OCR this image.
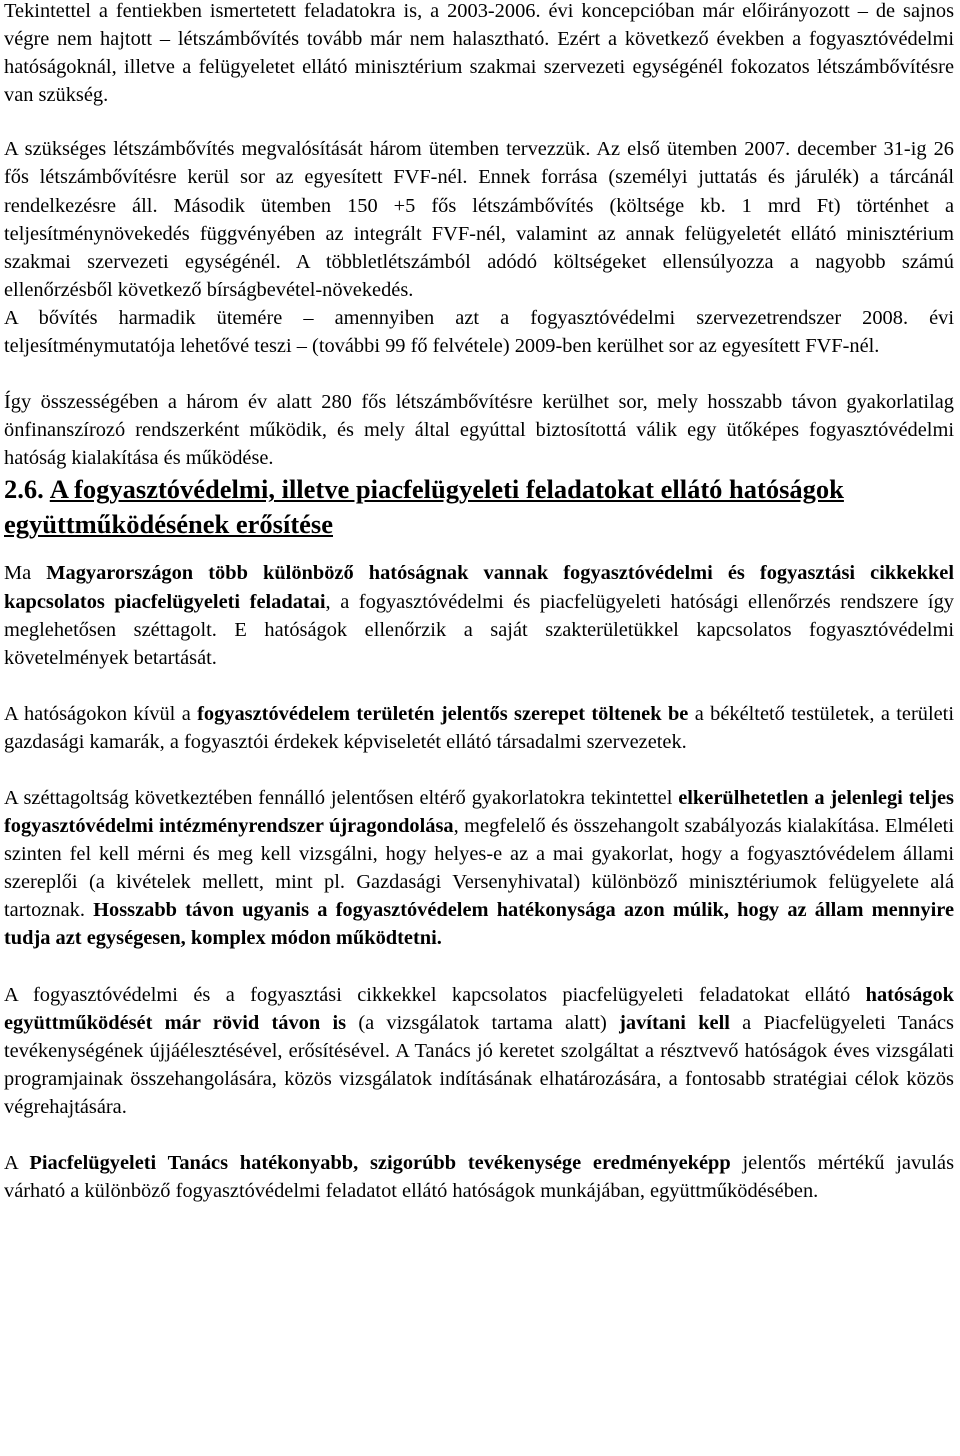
Tekintettel a fentiekben ismertetett feladatokra is, a 2003-2006. évi koncepcióban már előirányozott – de sajnos végre nem hajtott – létszámbővítés tovább már nem halasztható. Ezért a következő években a fogyasztóvédelmi hatóságoknál, illetve a felügyeletet ellátó minisztérium szakmai szervezeti egységénél fokozatos létszámbővítésre van szükség.

A szükséges létszámbővítés megvalósítását három ütemben tervezzük. Az első ütemben 2007. december 31-ig 26 fős létszámbővítésre kerül sor az egyesített FVF-nél. Ennek forrása (személyi juttatás és járulék) a tárcánál rendelkezésre áll. Második ütemben 150 +5 fős létszámbővítés (költsége kb. 1 mrd Ft) történhet a teljesítménynövekedés függvényében az integrált FVF-nél, valamint az annak felügyeletét ellátó minisztérium szakmai szervezeti egységénél. A többletlétszámból adódó költségeket ellensúlyozza a nagyobb számú ellenőrzésből következő bírságbevétel-növekedés.

A bővítés harmadik ütemére – amennyiben azt a fogyasztóvédelmi szervezetrendszer 2008. évi teljesítménymutatója lehetővé teszi – (további 99 fő felvétele) 2009-ben kerülhet sor az egyesített FVF-nél.

Így összességében a három év alatt 280 fős létszámbővítésre kerülhet sor, mely hosszabb távon gyakorlatilag önfinanszírozó rendszerként működik, és mely által egyúttal biztosítottá válik egy ütőképes fogyasztóvédelmi hatóság kialakítása és működése.

2.6. A fogyasztóvédelmi, illetve piacfelügyeleti feladatokat ellátó hatóságok együttműködésének erősítése

Ma Magyarországon több különböző hatóságnak vannak fogyasztóvédelmi és fogyasztási cikkekkel kapcsolatos piacfelügyeleti feladatai, a fogyasztóvédelmi és piacfelügyeleti hatósági ellenőrzés rendszere így meglehetősen széttagolt. E hatóságok ellenőrzik a saját szakterületükkel kapcsolatos fogyasztóvédelmi követelmények betartását.

A hatóságokon kívül a fogyasztóvédelem területén jelentős szerepet töltenek be a békéltető testületek, a területi gazdasági kamarák, a fogyasztói érdekek képviseletét ellátó társadalmi szervezetek.

A széttagoltság következtében fennálló jelentősen eltérő gyakorlatokra tekintettel elkerülhetetlen a jelenlegi teljes fogyasztóvédelmi intézményrendszer újragondolása, megfelelő és összehangolt szabályozás kialakítása. Elméleti szinten fel kell mérni és meg kell vizsgálni, hogy helyes-e az a mai gyakorlat, hogy a fogyasztóvédelem állami szereplői (a kivételek mellett, mint pl. Gazdasági Versenyhivatal) különböző minisztériumok felügyelete alá tartoznak. Hosszabb távon ugyanis a fogyasztóvédelem hatékonysága azon múlik, hogy az állam mennyire tudja azt egységesen, komplex módon működtetni.

A fogyasztóvédelmi és a fogyasztási cikkekkel kapcsolatos piacfelügyeleti feladatokat ellátó hatóságok együttműködését már rövid távon is (a vizsgálatok tartama alatt) javítani kell a Piacfelügyeleti Tanács tevékenységének újjáélesztésével, erősítésével. A Tanács jó keretet szolgáltat a résztvevő hatóságok éves vizsgálati programjainak összehangolására, közös vizsgálatok indításának elhatározására, a fontosabb stratégiai célok közös végrehajtására.

A Piacfelügyeleti Tanács hatékonyabb, szigorúbb tevékenysége eredményeképp jelentős mértékű javulás várható a különböző fogyasztóvédelmi feladatot ellátó hatóságok munkájában, együttműködésében.
